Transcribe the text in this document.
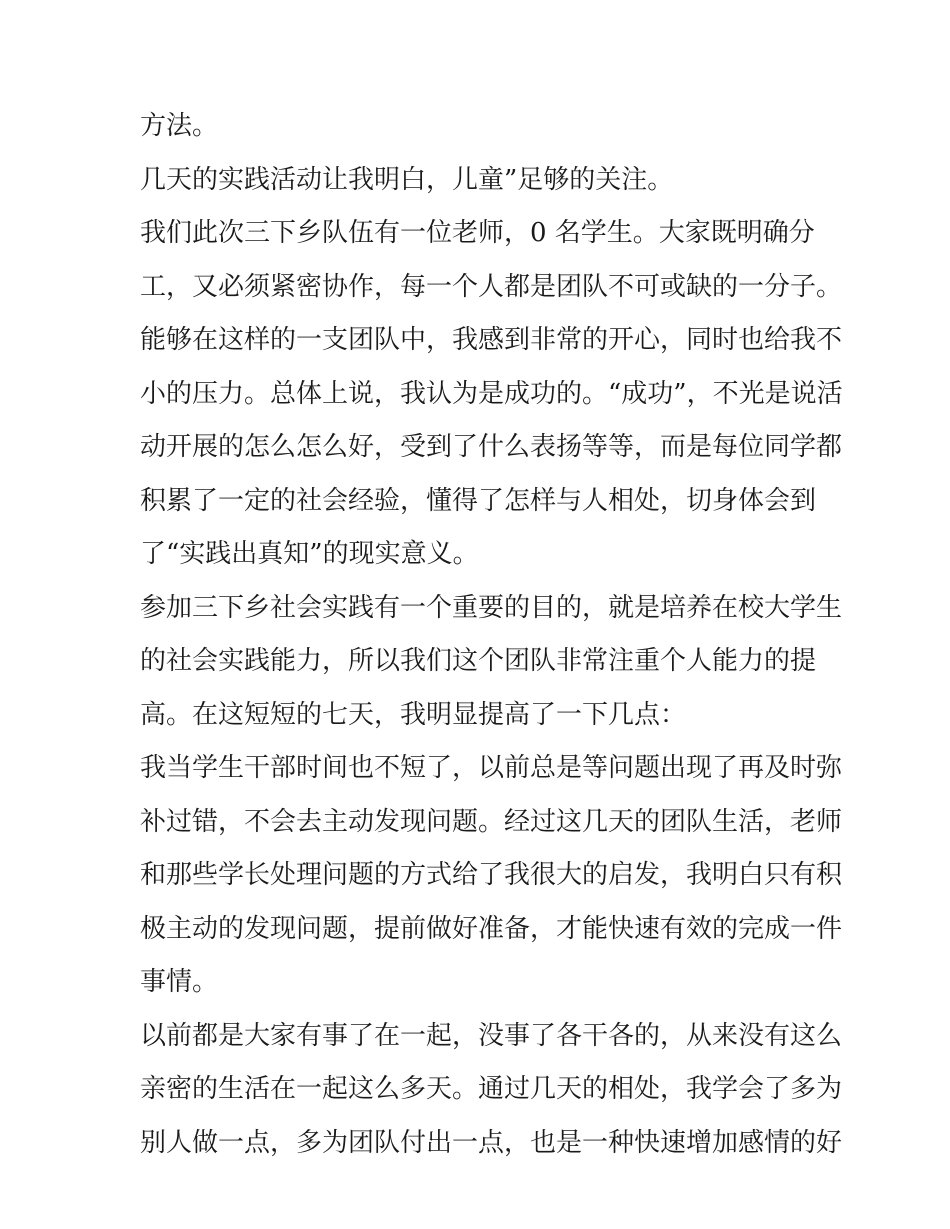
方法。
几天的实践活动让我明白，儿童”足够的关注。
我们此次三下乡队伍有一位老师，0 名学生。大家既明确分
工，又必须紧密协作，每一个人都是团队不可或缺的一分子。
能够在这样的一支团队中，我感到非常的开心，同时也给我不
小的压力。总体上说，我认为是成功的。“成功”，不光是说活
动开展的怎么怎么好，受到了什么表扬等等，而是每位同学都
积累了一定的社会经验，懂得了怎样与人相处，切身体会到
了“实践出真知”的现实意义。
参加三下乡社会实践有一个重要的目的，就是培养在校大学生
的社会实践能力，所以我们这个团队非常注重个人能力的提
高。在这短短的七天，我明显提高了一下几点：
我当学生干部时间也不短了，以前总是等问题出现了再及时弥
补过错，不会去主动发现问题。经过这几天的团队生活，老师
和那些学长处理问题的方式给了我很大的启发，我明白只有积
极主动的发现问题，提前做好准备，才能快速有效的完成一件
事情。
以前都是大家有事了在一起，没事了各干各的，从来没有这么
亲密的生活在一起这么多天。通过几天的相处，我学会了多为
别人做一点，多为团队付出一点，也是一种快速增加感情的好
